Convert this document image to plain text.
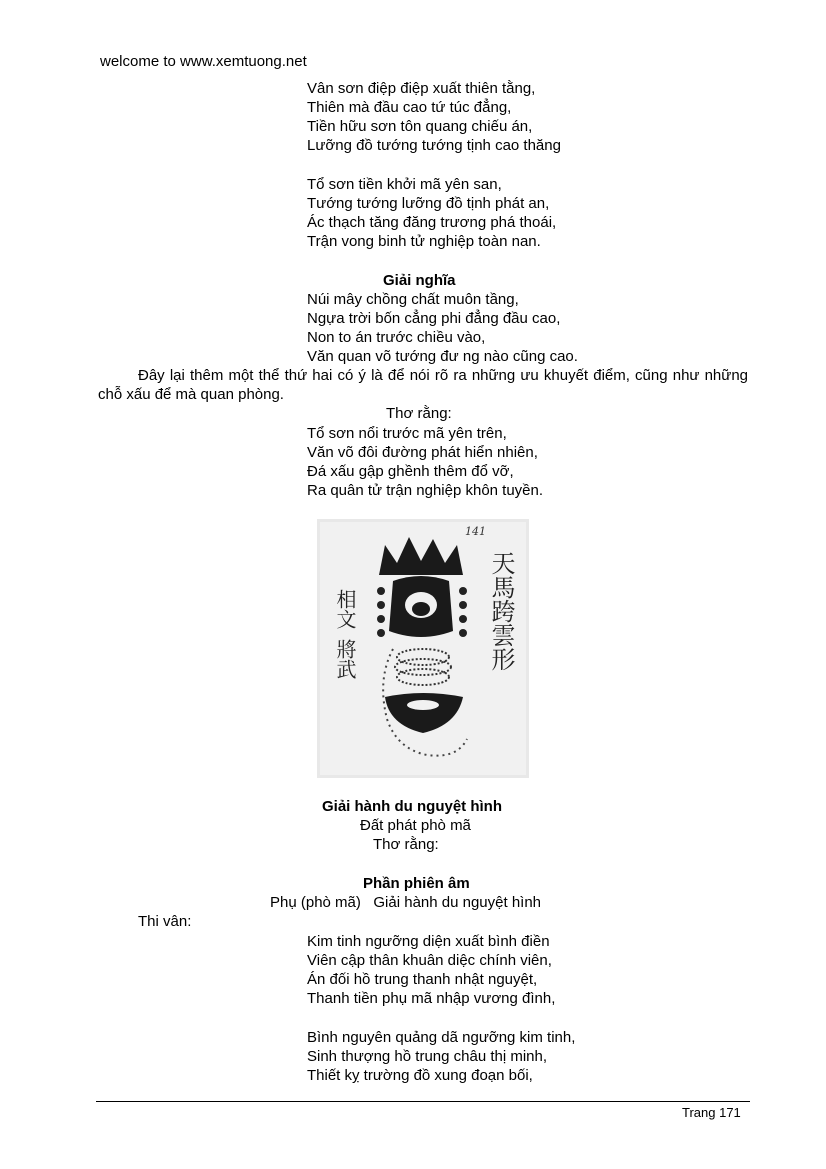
welcome to www.xemtuong.net
Vân sơn điệp điệp xuất thiên tằng,
Thiên mà đầu cao tứ túc đẳng,
Tiền hữu sơn tôn quang chiếu án,
Lưỡng đồ tướng tướng tịnh cao thăng
Tổ sơn tiền khởi mã yên san,
Tướng tướng lưỡng đồ tịnh phát an,
Ác thạch tăng đăng trương phá thoái,
Trận vong binh tử nghiệp toàn nan.
Giải nghĩa
Núi mây chồng chất muôn tầng,
Ngựa trời bốn cẳng phi đẳng đầu cao,
Non to án trước chiều vào,
Văn quan võ tướng đư ng nào cũng cao.
Đây lại thêm một thể thứ hai có ý là để nói rõ ra những ưu khuyết điểm, cũng như những chỗ xấu để mà quan phòng.
Thơ rằng:
Tổ sơn nổi trước mã yên trên,
Văn võ đôi đường phát hiển nhiên,
Đá xấu gập ghềnh thêm đổ vỡ,
Ra quân tử trận nghiệp khôn tuyền.
141
天馬跨雲形
相文
將武
Giải hành du nguyệt hình
Đất phát phò mã
Thơ rằng:
Phần phiên âm
Phụ (phò mã)   Giải hành du nguyệt hình
Thi vân:
Kim tinh ngưỡng diện xuất bình điền
Viên cập thân khuân diệc chính viên,
Án đối hồ trung thanh nhật nguyệt,
Thanh tiền phụ mã nhập vương đình,
Bình nguyên quảng dã ngưỡng kim tinh,
Sinh thượng hồ trung châu thị minh,
Thiết kỵ trường đồ xung đoạn bối,
Trang 171
